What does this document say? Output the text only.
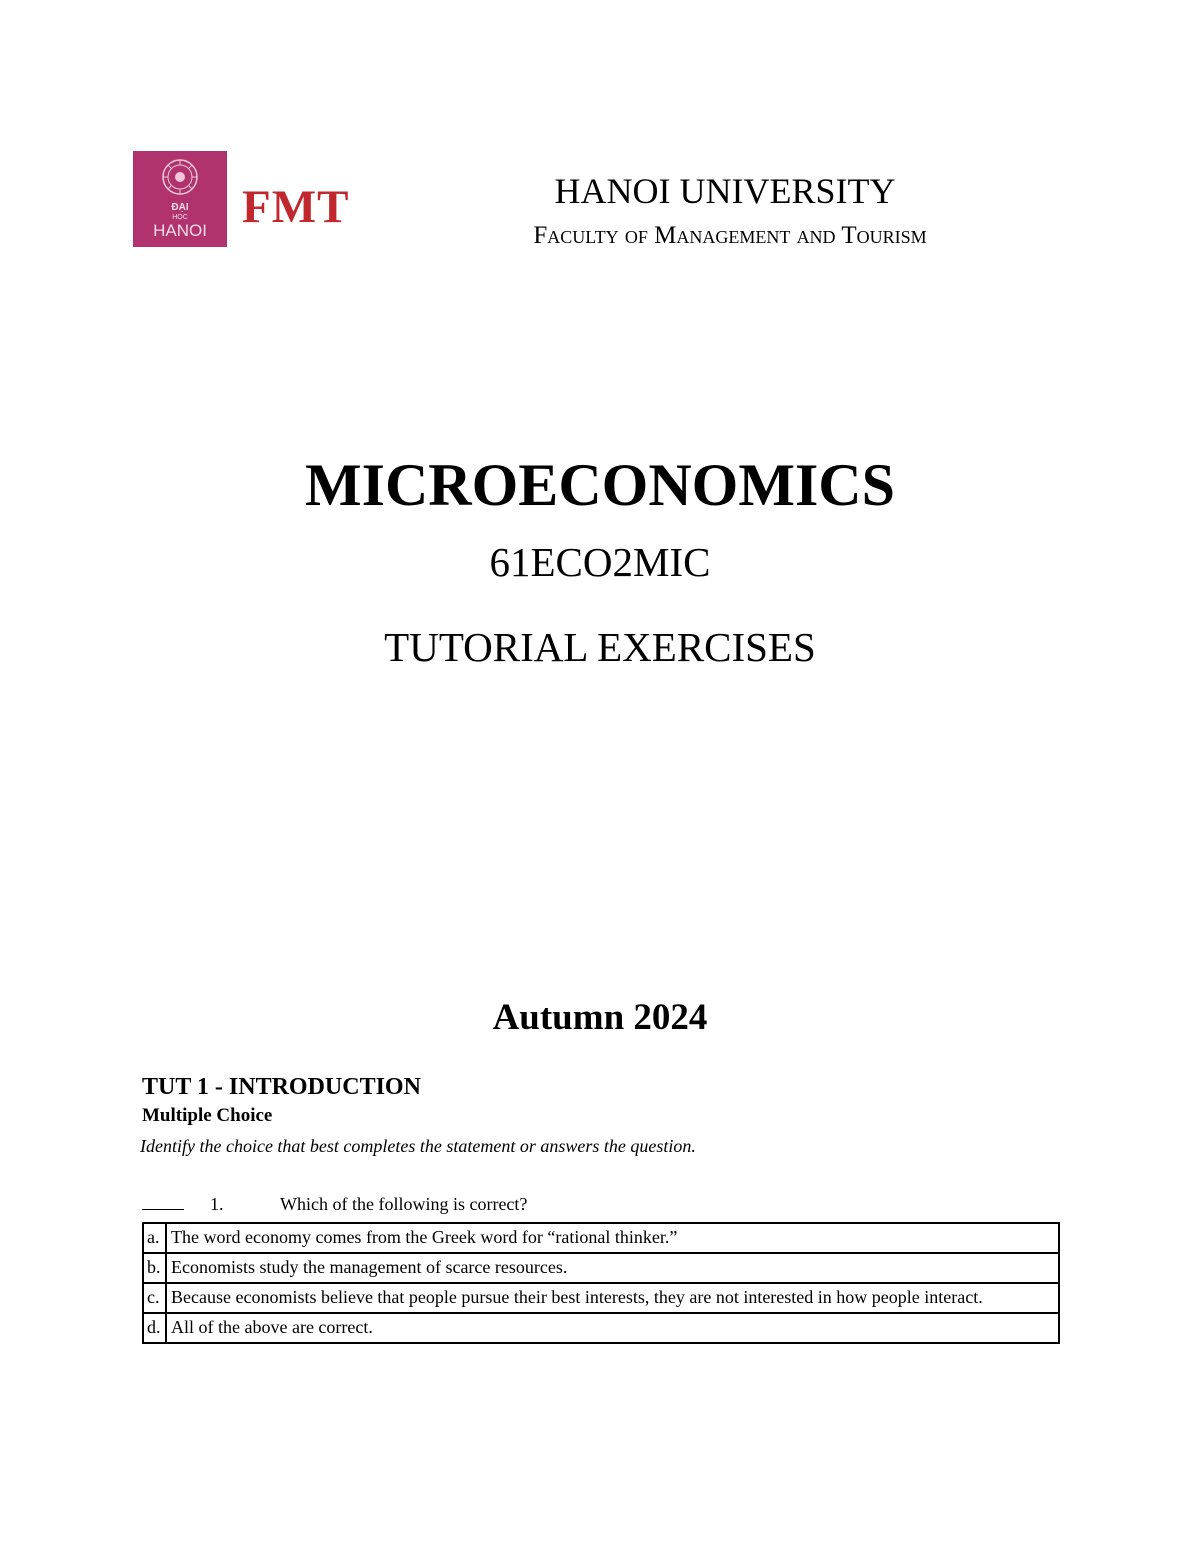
ĐẠI
HỌC
HANOI FMT	HANOI UNIVERSITY
Faculty of Management and Tourism
MICROECONOMICS
61ECO2MIC
TUTORIAL EXERCISES
Autumn 2024
TUT 1 - INTRODUCTION
Multiple Choice
Identify the choice that best completes the statement or answers the question.
1.	Which of the following is correct?
a.	The word economy comes from the Greek word for “rational thinker.”
b.	Economists study the management of scarce resources.
c.	Because economists believe that people pursue their best interests, they are not interested in how people interact.
d.	All of the above are correct.
